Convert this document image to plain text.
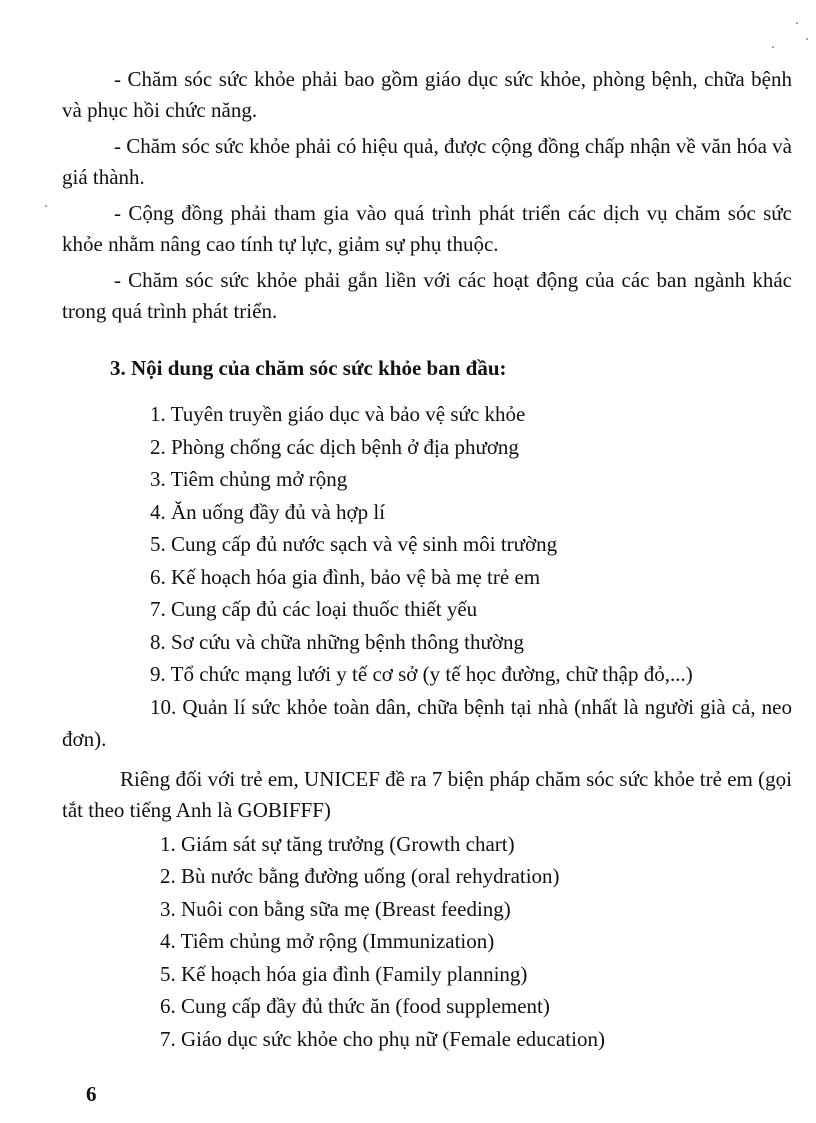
- Chăm sóc sức khỏe phải bao gồm giáo dục sức khỏe, phòng bệnh, chữa bệnh và phục hồi chức năng.

- Chăm sóc sức khỏe phải có hiệu quả, được cộng đồng chấp nhận về văn hóa và giá thành.

- Cộng đồng phải tham gia vào quá trình phát triển các dịch vụ chăm sóc sức khỏe nhằm nâng cao tính tự lực, giảm sự phụ thuộc.

- Chăm sóc sức khỏe phải gắn liền với các hoạt động của các ban ngành khác trong quá trình phát triển.

3. Nội dung của chăm sóc sức khỏe ban đầu:
1. Tuyên truyền giáo dục và bảo vệ sức khỏe
2. Phòng chống các dịch bệnh ở địa phương
3. Tiêm chủng mở rộng
4. Ăn uống đầy đủ và hợp lí
5. Cung cấp đủ nước sạch và vệ sinh môi trường
6. Kế hoạch hóa gia đình, bảo vệ bà mẹ trẻ em
7. Cung cấp đủ các loại thuốc thiết yếu
8. Sơ cứu và chữa những bệnh thông thường
9. Tổ chức mạng lưới y tế cơ sở (y tế học đường, chữ thập đỏ,...)
10. Quản lí sức khỏe toàn dân, chữa bệnh tại nhà (nhất là người già cả, neo đơn).

Riêng đối với trẻ em, UNICEF đề ra 7 biện pháp chăm sóc sức khỏe trẻ em (gọi tắt theo tiếng Anh là GOBIFFF)

1. Giám sát sự tăng trưởng (Growth chart)
2. Bù nước bằng đường uống (oral rehydration)
3. Nuôi con bằng sữa mẹ (Breast feeding)
4. Tiêm chủng mở rộng (Immunization)
5. Kế hoạch hóa gia đình (Family planning)
6. Cung cấp đầy đủ thức ăn (food supplement)
7. Giáo dục sức khỏe cho phụ nữ (Female education)
6
